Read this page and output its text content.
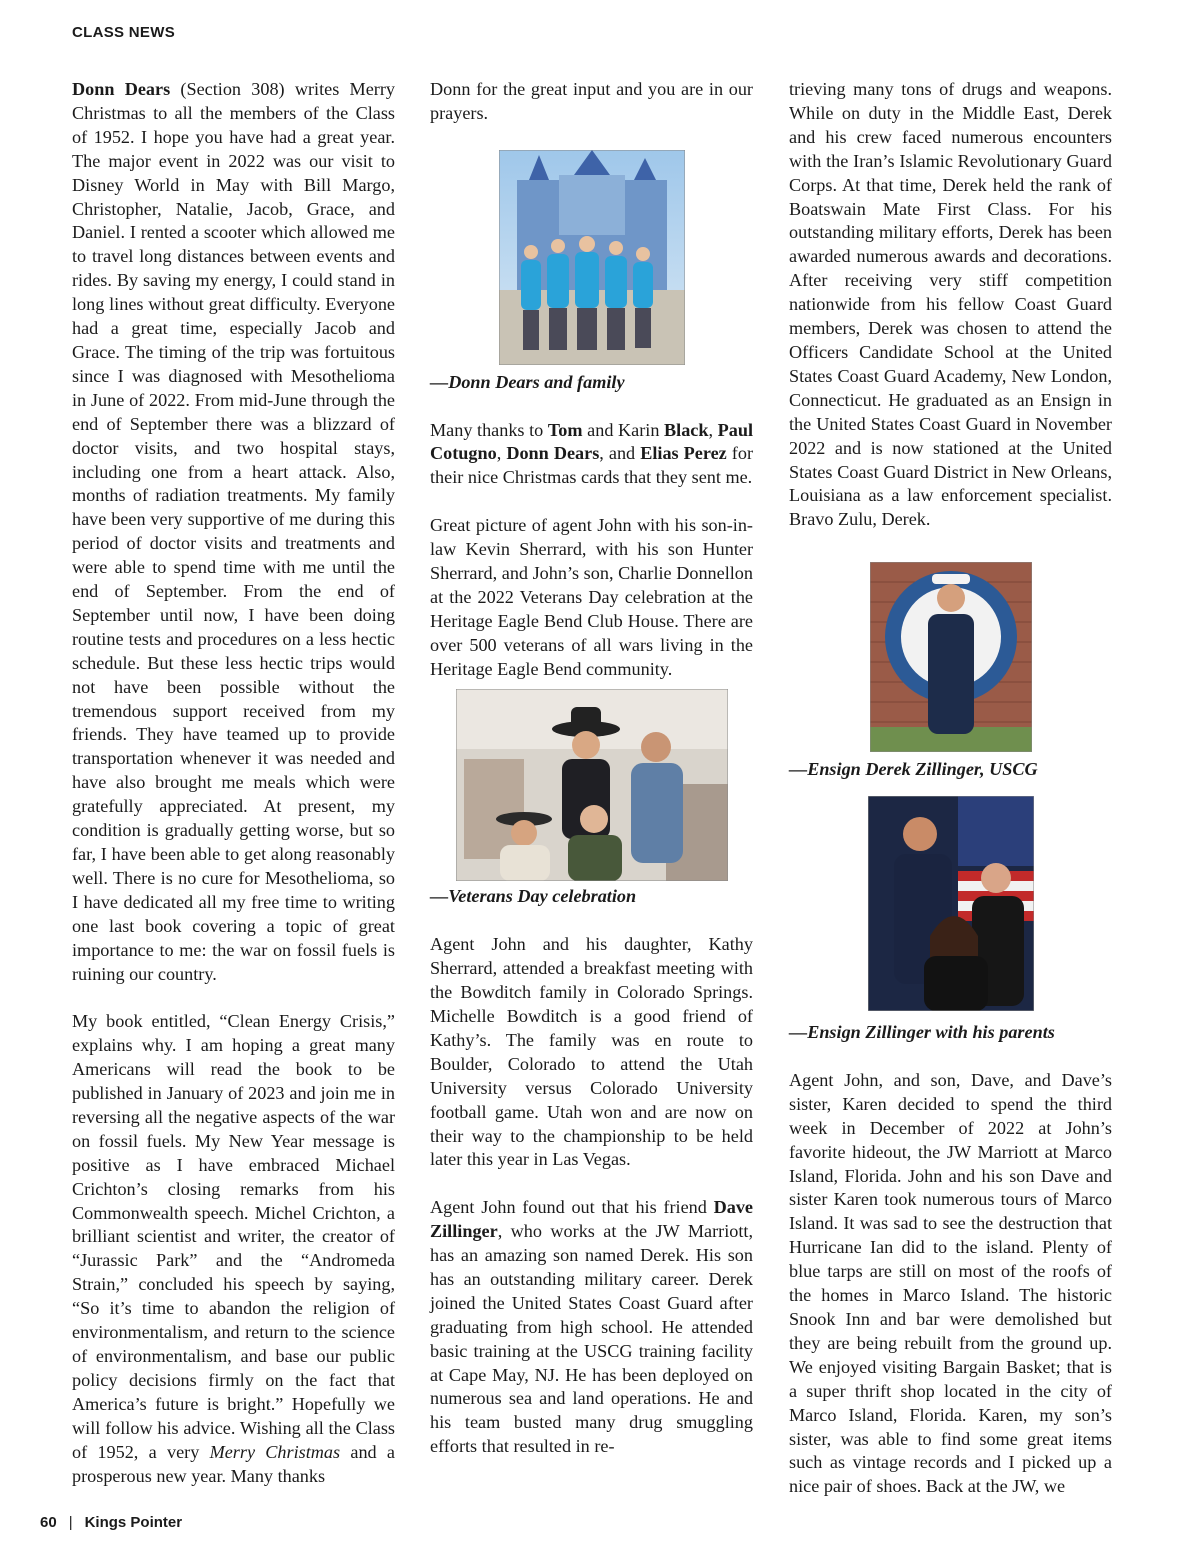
CLASS NEWS

Donn Dears (Section 308) writes Merry Christmas to all the members of the Class of 1952. I hope you have had a great year. The major event in 2022 was our visit to Disney World in May with Bill Margo, Christopher, Natalie, Jacob, Grace, and Daniel. I rented a scooter which allowed me to travel long distances between events and rides. By saving my energy, I could stand in long lines without great difficulty. Everyone had a great time, especially Jacob and Grace. The timing of the trip was fortuitous since I was diagnosed with Mesothelioma in June of 2022. From mid-June through the end of September there was a blizzard of doctor visits, and two hospital stays, including one from a heart attack. Also, months of radiation treatments. My family have been very supportive of me during this period of doctor visits and treatments and were able to spend time with me until the end of September. From the end of September until now, I have been doing routine tests and procedures on a less hectic schedule. But these less hectic trips would not have been possible without the tremendous support received from my friends. They have teamed up to provide transportation whenever it was needed and have also brought me meals which were gratefully appreciated. At present, my condition is gradually getting worse, but so far, I have been able to get along reasonably well. There is no cure for Mesothelioma, so I have dedicated all my free time to writing one last book covering a topic of great importance to me: the war on fossil fuels is ruining our country.

My book entitled, “Clean Energy Crisis,” explains why. I am hoping a great many Americans will read the book to be published in January of 2023 and join me in reversing all the negative aspects of the war on fossil fuels. My New Year message is positive as I have embraced Michael Crichton’s closing remarks from his Commonwealth speech. Michel Crichton, a brilliant scientist and writer, the creator of “Jurassic Park” and the “Andromeda Strain,” concluded his speech by saying, “So it’s time to abandon the religion of environmentalism, and return to the science of environmentalism, and base our public policy decisions firmly on the fact that America’s future is bright.” Hopefully we will follow his advice. Wishing all the Class of 1952, a very Merry Christmas and a prosperous new year. Many thanks

Donn for the great input and you are in our prayers.

—Donn Dears and family

Many thanks to Tom and Karin Black, Paul Cotugno, Donn Dears, and Elias Perez for their nice Christmas cards that they sent me.

Great picture of agent John with his son-in-law Kevin Sherrard, with his son Hunter Sherrard, and John’s son, Charlie Donnellon at the 2022 Veterans Day celebration at the Heritage Eagle Bend Club House. There are over 500 veterans of all wars living in the Heritage Eagle Bend community.

—Veterans Day celebration

Agent John and his daughter, Kathy Sherrard, attended a breakfast meeting with the Bowditch family in Colorado Springs. Michelle Bowditch is a good friend of Kathy’s. The family was en route to Boulder, Colorado to attend the Utah University versus Colorado University football game. Utah won and are now on their way to the championship to be held later this year in Las Vegas.

Agent John found out that his friend Dave Zillinger, who works at the JW Marriott, has an amazing son named Derek. His son has an outstanding military career. Derek joined the United States Coast Guard after graduating from high school. He attended basic training at the USCG training facility at Cape May, NJ. He has been deployed on numerous sea and land operations. He and his team busted many drug smuggling efforts that resulted in re-

trieving many tons of drugs and weapons. While on duty in the Middle East, Derek and his crew faced numerous encounters with the Iran’s Islamic Revolutionary Guard Corps. At that time, Derek held the rank of Boatswain Mate First Class. For his outstanding military efforts, Derek has been awarded numerous awards and decorations. After receiving very stiff competition nationwide from his fellow Coast Guard members, Derek was chosen to attend the Officers Candidate School at the United States Coast Guard Academy, New London, Connecticut. He graduated as an Ensign in the United States Coast Guard in November 2022 and is now stationed at the United States Coast Guard District in New Orleans, Louisiana as a law enforcement specialist. Bravo Zulu, Derek.

—Ensign Derek Zillinger, USCG
—Ensign Zillinger with his parents

Agent John, and son, Dave, and Dave’s sister, Karen decided to spend the third week in December of 2022 at John’s favorite hideout, the JW Marriott at Marco Island, Florida. John and his son Dave and sister Karen took numerous tours of Marco Island. It was sad to see the destruction that Hurricane Ian did to the island. Plenty of blue tarps are still on most of the roofs of the homes in Marco Island. The historic Snook Inn and bar were demolished but they are being rebuilt from the ground up. We enjoyed visiting Bargain Basket; that is a super thrift shop located in the city of Marco Island, Florida. Karen, my son’s sister, was able to find some great items such as vintage records and I picked up a nice pair of shoes. Back at the JW, we

60 | Kings Pointer
